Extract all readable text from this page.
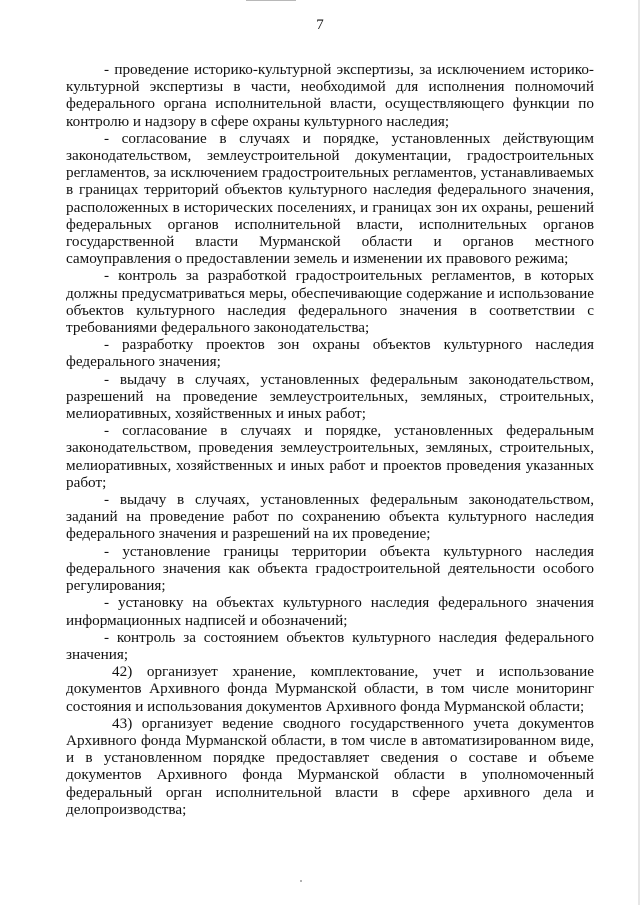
7

- проведение историко-культурной экспертизы, за исключением историко-культурной экспертизы в части, необходимой для исполнения полномочий федерального органа исполнительной власти, осуществляющего функции по контролю и надзору в сфере охраны культурного наследия;

- согласование в случаях и порядке, установленных действующим законодательством, землеустроительной документации, градостроительных регламентов, за исключением градостроительных регламентов, устанавливаемых в границах территорий объектов культурного наследия федерального значения, расположенных в исторических поселениях, и границах зон их охраны, решений федеральных органов исполнительной власти, исполнительных органов государственной власти Мурманской области и органов местного самоуправления о предоставлении земель и изменении их правового режима;

- контроль за разработкой градостроительных регламентов, в которых должны предусматриваться меры, обеспечивающие содержание и использование объектов культурного наследия федерального значения в соответствии с требованиями федерального законодательства;

- разработку проектов зон охраны объектов культурного наследия федерального значения;

- выдачу в случаях, установленных федеральным законодательством, разрешений на проведение землеустроительных, земляных, строительных, мелиоративных, хозяйственных и иных работ;

- согласование в случаях и порядке, установленных федеральным законодательством, проведения землеустроительных, земляных, строительных, мелиоративных, хозяйственных и иных работ и проектов проведения указанных работ;

- выдачу в случаях, установленных федеральным законодательством, заданий на проведение работ по сохранению объекта культурного наследия федерального значения и разрешений на их проведение;

- установление границы территории объекта культурного наследия федерального значения как объекта градостроительной деятельности особого регулирования;

- установку на объектах культурного наследия федерального значения информационных надписей и обозначений;

- контроль за состоянием объектов культурного наследия федерального значения;

42) организует хранение, комплектование, учет и использование документов Архивного фонда Мурманской области, в том числе мониторинг состояния и использования документов Архивного фонда Мурманской области;

43) организует ведение сводного государственного учета документов Архивного фонда Мурманской области, в том числе в автоматизированном виде, и в установленном порядке предоставляет сведения о составе и объеме документов Архивного фонда Мурманской области в уполномоченный федеральный орган исполнительной власти в сфере архивного дела и делопроизводства;
